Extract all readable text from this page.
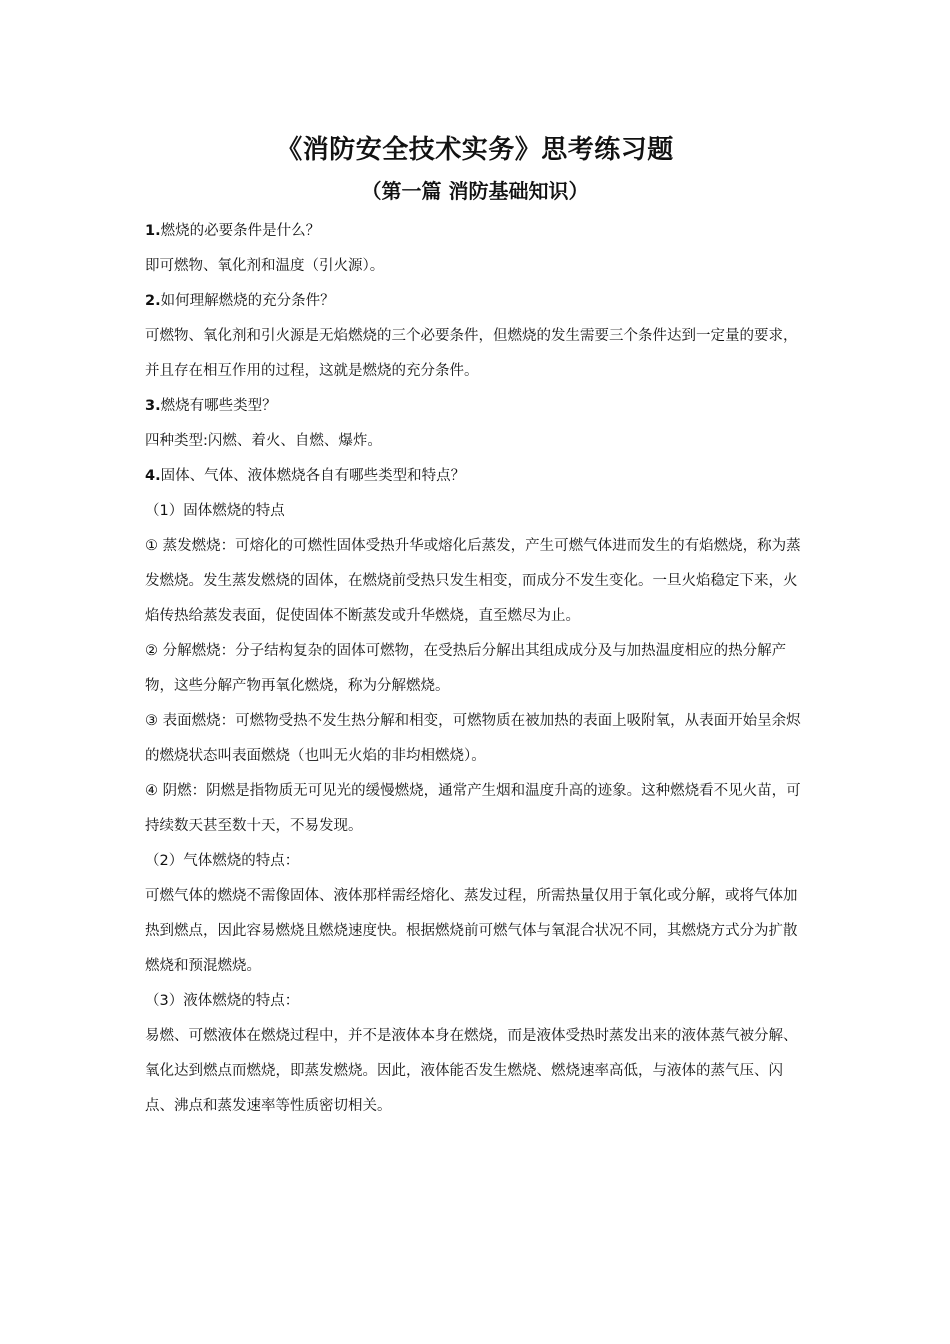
《消防安全技术实务》思考练习题
（第一篇 消防基础知识）
1.燃烧的必要条件是什么？
即可燃物、氧化剂和温度（引火源）。
2.如何理解燃烧的充分条件？
可燃物、氧化剂和引火源是无焰燃烧的三个必要条件，但燃烧的发生需要三个条件达到一定量的要求，并且存在相互作用的过程，这就是燃烧的充分条件。
3.燃烧有哪些类型？
四种类型:闪燃、着火、自燃、爆炸。
4.固体、气体、液体燃烧各自有哪些类型和特点？
（1）固体燃烧的特点
① 蒸发燃烧：可熔化的可燃性固体受热升华或熔化后蒸发，产生可燃气体进而发生的有焰燃烧，称为蒸发燃烧。发生蒸发燃烧的固体，在燃烧前受热只发生相变，而成分不发生变化。一旦火焰稳定下来，火焰传热给蒸发表面，促使固体不断蒸发或升华燃烧，直至燃尽为止。
② 分解燃烧：分子结构复杂的固体可燃物，在受热后分解出其组成成分及与加热温度相应的热分解产物，这些分解产物再氧化燃烧，称为分解燃烧。
③ 表面燃烧：可燃物受热不发生热分解和相变，可燃物质在被加热的表面上吸附氧，从表面开始呈余烬的燃烧状态叫表面燃烧（也叫无火焰的非均相燃烧）。
④ 阴燃：阴燃是指物质无可见光的缓慢燃烧，通常产生烟和温度升高的迹象。这种燃烧看不见火苗，可持续数天甚至数十天，不易发现。
（2）气体燃烧的特点：
可燃气体的燃烧不需像固体、液体那样需经熔化、蒸发过程，所需热量仅用于氧化或分解，或将气体加热到燃点，因此容易燃烧且燃烧速度快。根据燃烧前可燃气体与氧混合状况不同，其燃烧方式分为扩散燃烧和预混燃烧。
（3）液体燃烧的特点：
易燃、可燃液体在燃烧过程中，并不是液体本身在燃烧，而是液体受热时蒸发出来的液体蒸气被分解、氧化达到燃点而燃烧，即蒸发燃烧。因此，液体能否发生燃烧、燃烧速率高低，与液体的蒸气压、闪点、沸点和蒸发速率等性质密切相关。
